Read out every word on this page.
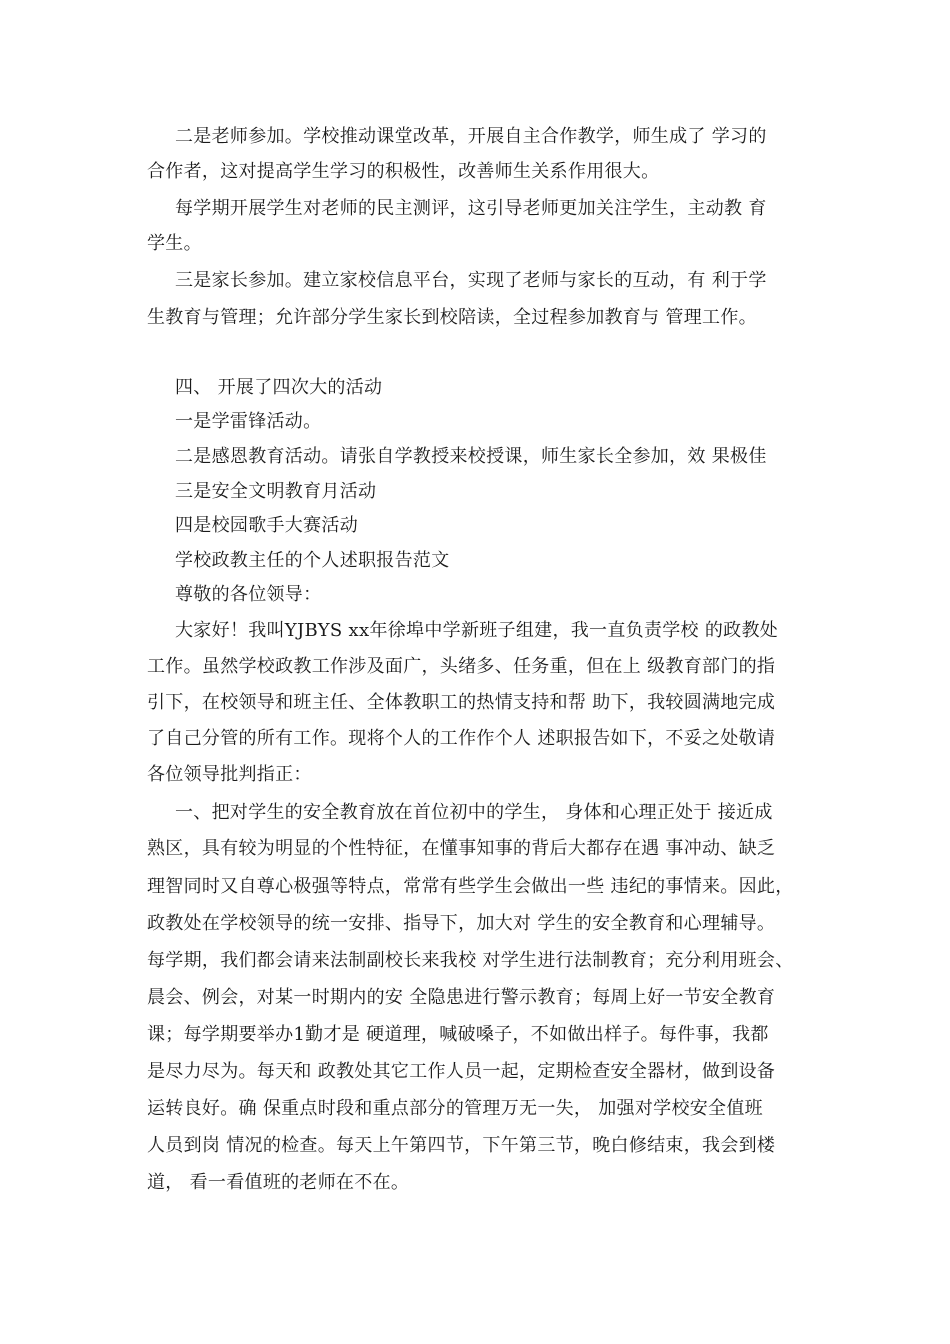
二是老师参加。学校推动课堂改革，开展自主合作教学，师生成了 学习的
合作者，这对提高学生学习的积极性，改善师生关系作用很大。
每学期开展学生对老师的民主测评，这引导老师更加关注学生，主动教 育
学生。
三是家长参加。建立家校信息平台，实现了老师与家长的互动，有 利于学
生教育与管理；允许部分学生家长到校陪读，全过程参加教育与 管理工作。
四、 开展了四次大的活动
一是学雷锋活动。
二是感恩教育活动。请张自学教授来校授课，师生家长全参加，效 果极佳
三是安全文明教育月活动
四是校园歌手大赛活动
学校政教主任的个人述职报告范文
尊敬的各位领导：
大家好！我叫YJBYS xx年徐埠中学新班子组建，我一直负责学校 的政教处
工作。虽然学校政教工作涉及面广，头绪多、任务重，但在上 级教育部门的指
引下，在校领导和班主任、全体教职工的热情支持和帮 助下，我较圆满地完成
了自己分管的所有工作。现将个人的工作作个人 述职报告如下，不妥之处敬请
各位领导批判指正：
一、把对学生的安全教育放在首位初中的学生， 身体和心理正处于 接近成
熟区，具有较为明显的个性特征，在懂事知事的背后大都存在遇 事冲动、缺乏
理智同时又自尊心极强等特点，常常有些学生会做出一些 违纪的事情来。因此，
政教处在学校领导的统一安排、指导下，加大对 学生的安全教育和心理辅导。
每学期，我们都会请来法制副校长来我校 对学生进行法制教育；充分利用班会、
晨会、例会，对某一时期内的安 全隐患进行警示教育；每周上好一节安全教育
课；每学期要举办1勤才是 硬道理，喊破嗓子，不如做出样子。每件事，我都
是尽力尽为。每天和 政教处其它工作人员一起，定期检查安全器材，做到设备
运转良好。确 保重点时段和重点部分的管理万无一失， 加强对学校安全值班
人员到岗 情况的检查。每天上午第四节，下午第三节，晚白修结束，我会到楼
道， 看一看值班的老师在不在。
